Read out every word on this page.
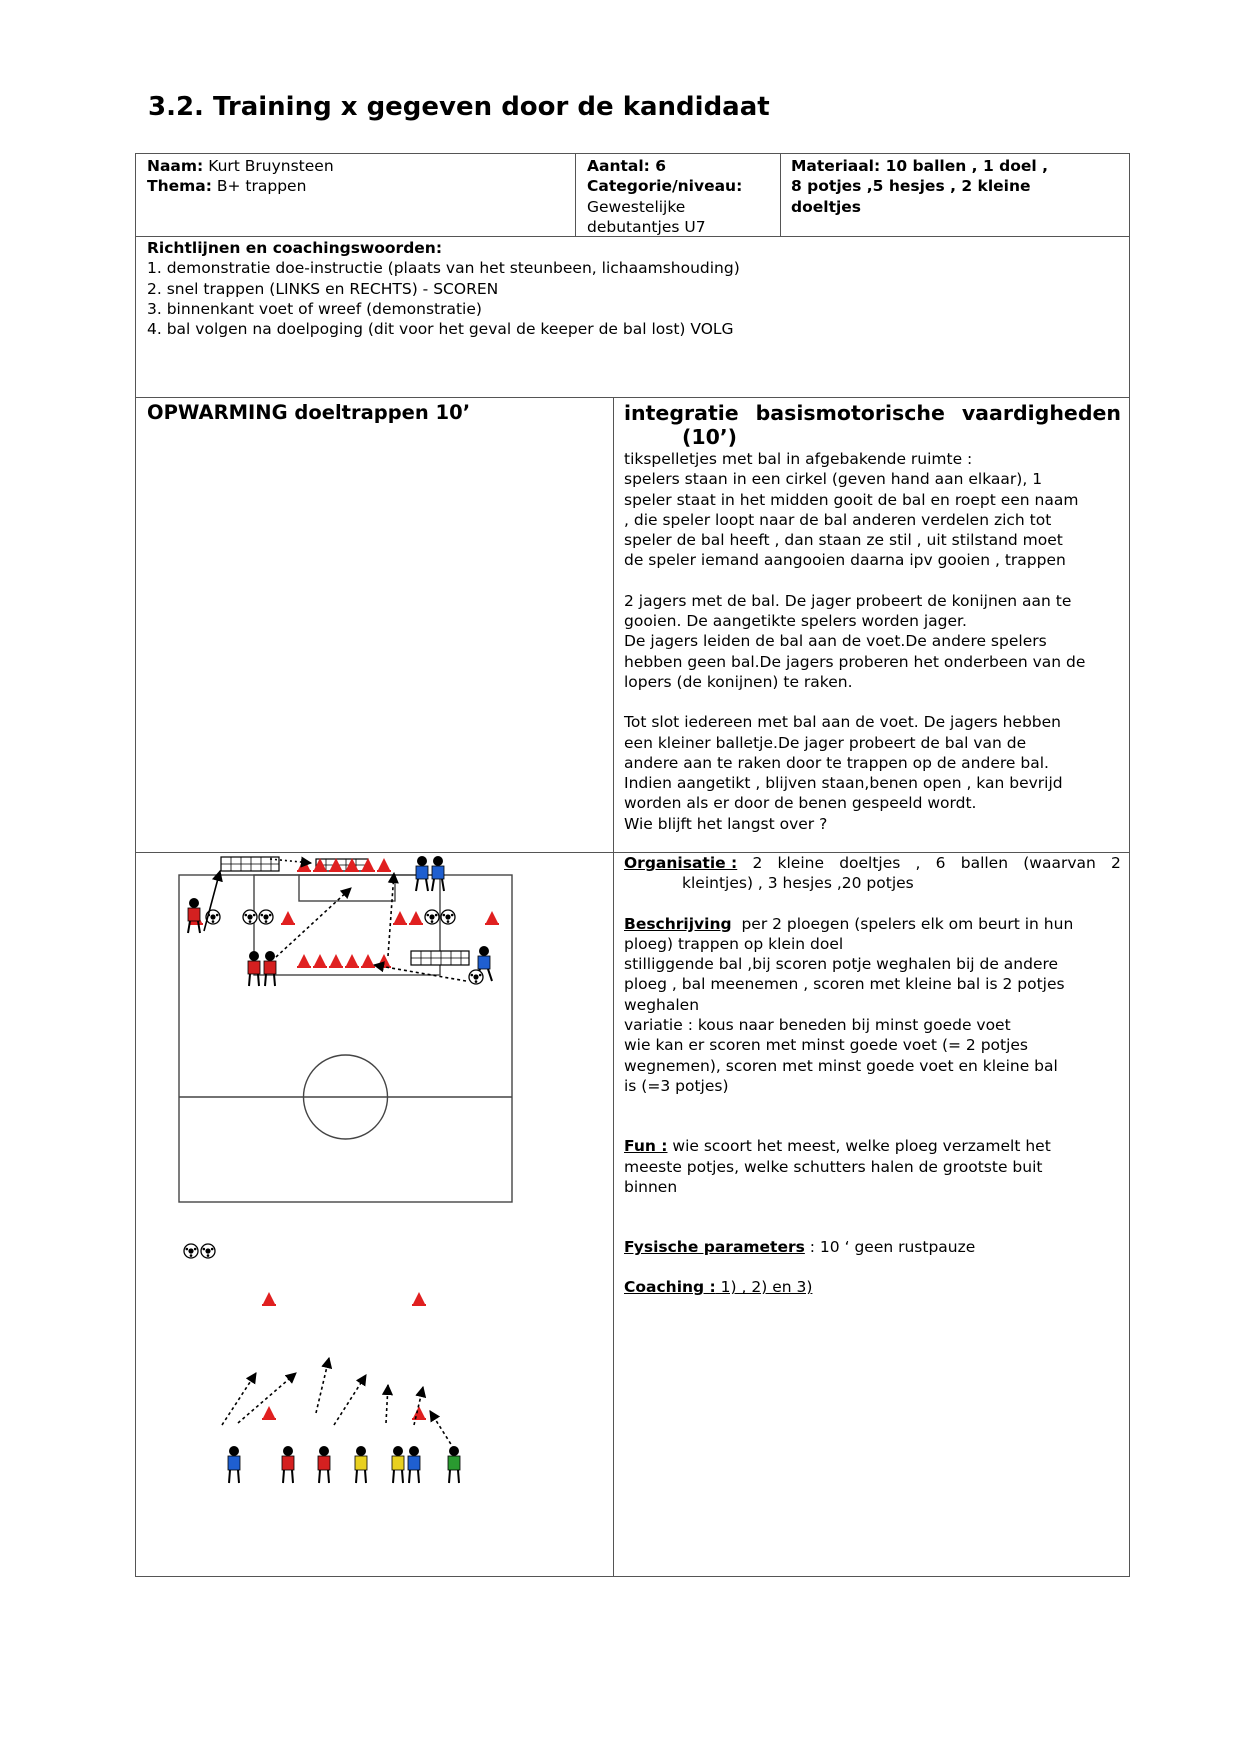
3.2. Training x gegeven door de kandidaat
Naam: Kurt Bruynsteen
Thema: B+ trappen
Aantal: 6
Categorie/niveau:
Gewestelijke
debutantjes U7
Materiaal: 10 ballen , 1 doel ,
8 potjes ,5 hesjes , 2 kleine
doeltjes
Richtlijnen en coachingswoorden:
1. demonstratie doe-instructie (plaats van het steunbeen, lichaamshouding)
2. snel trappen (LINKS en RECHTS) - SCOREN
3. binnenkant voet of wreef (demonstratie)
4. bal volgen na doelpoging (dit voor het geval de keeper de bal lost) VOLG
OPWARMING doeltrappen 10’	integratie basismotorische vaardigheden
(10’)
tikspelletjes met bal in afgebakende ruimte :
spelers staan in een cirkel (geven hand aan elkaar), 1
speler staat in het midden gooit de bal en roept een naam
, die speler loopt naar de bal anderen verdelen zich tot
speler de bal heeft , dan staan ze stil , uit stilstand moet
de speler iemand aangooien daarna ipv gooien , trappen
2 jagers met de bal. De jager probeert de konijnen aan te
gooien. De aangetikte spelers worden jager.
De jagers leiden de bal aan de voet.De andere spelers
hebben geen bal.De jagers proberen het onderbeen van de
lopers (de konijnen) te raken.
Tot slot iedereen met bal aan de voet. De jagers hebben
een kleiner balletje.De jager probeert de bal van de
andere aan te raken door te trappen op de andere bal.
Indien aangetikt , blijven staan,benen open , kan bevrijd
worden als er door de benen gespeeld wordt.
Wie blijft het langst over ?
Organisatie : 2 kleine doeltjes , 6 ballen (waarvan 2
kleintjes) , 3 hesjes ,20 potjes
Beschrijving  per 2 ploegen (spelers elk om beurt in hun
ploeg) trappen op klein doel
stilliggende bal ,bij scoren potje weghalen bij de andere
ploeg , bal meenemen , scoren met kleine bal is 2 potjes
weghalen
variatie : kous naar beneden bij minst goede voet
wie kan er scoren met minst goede voet (= 2 potjes
wegnemen), scoren met minst goede voet en kleine bal
is (=3 potjes)
Fun : wie scoort het meest, welke ploeg verzamelt het
meeste potjes, welke schutters halen de grootste buit
binnen
Fysische parameters : 10 ‘ geen rustpauze
Coaching : 1) , 2) en 3)
